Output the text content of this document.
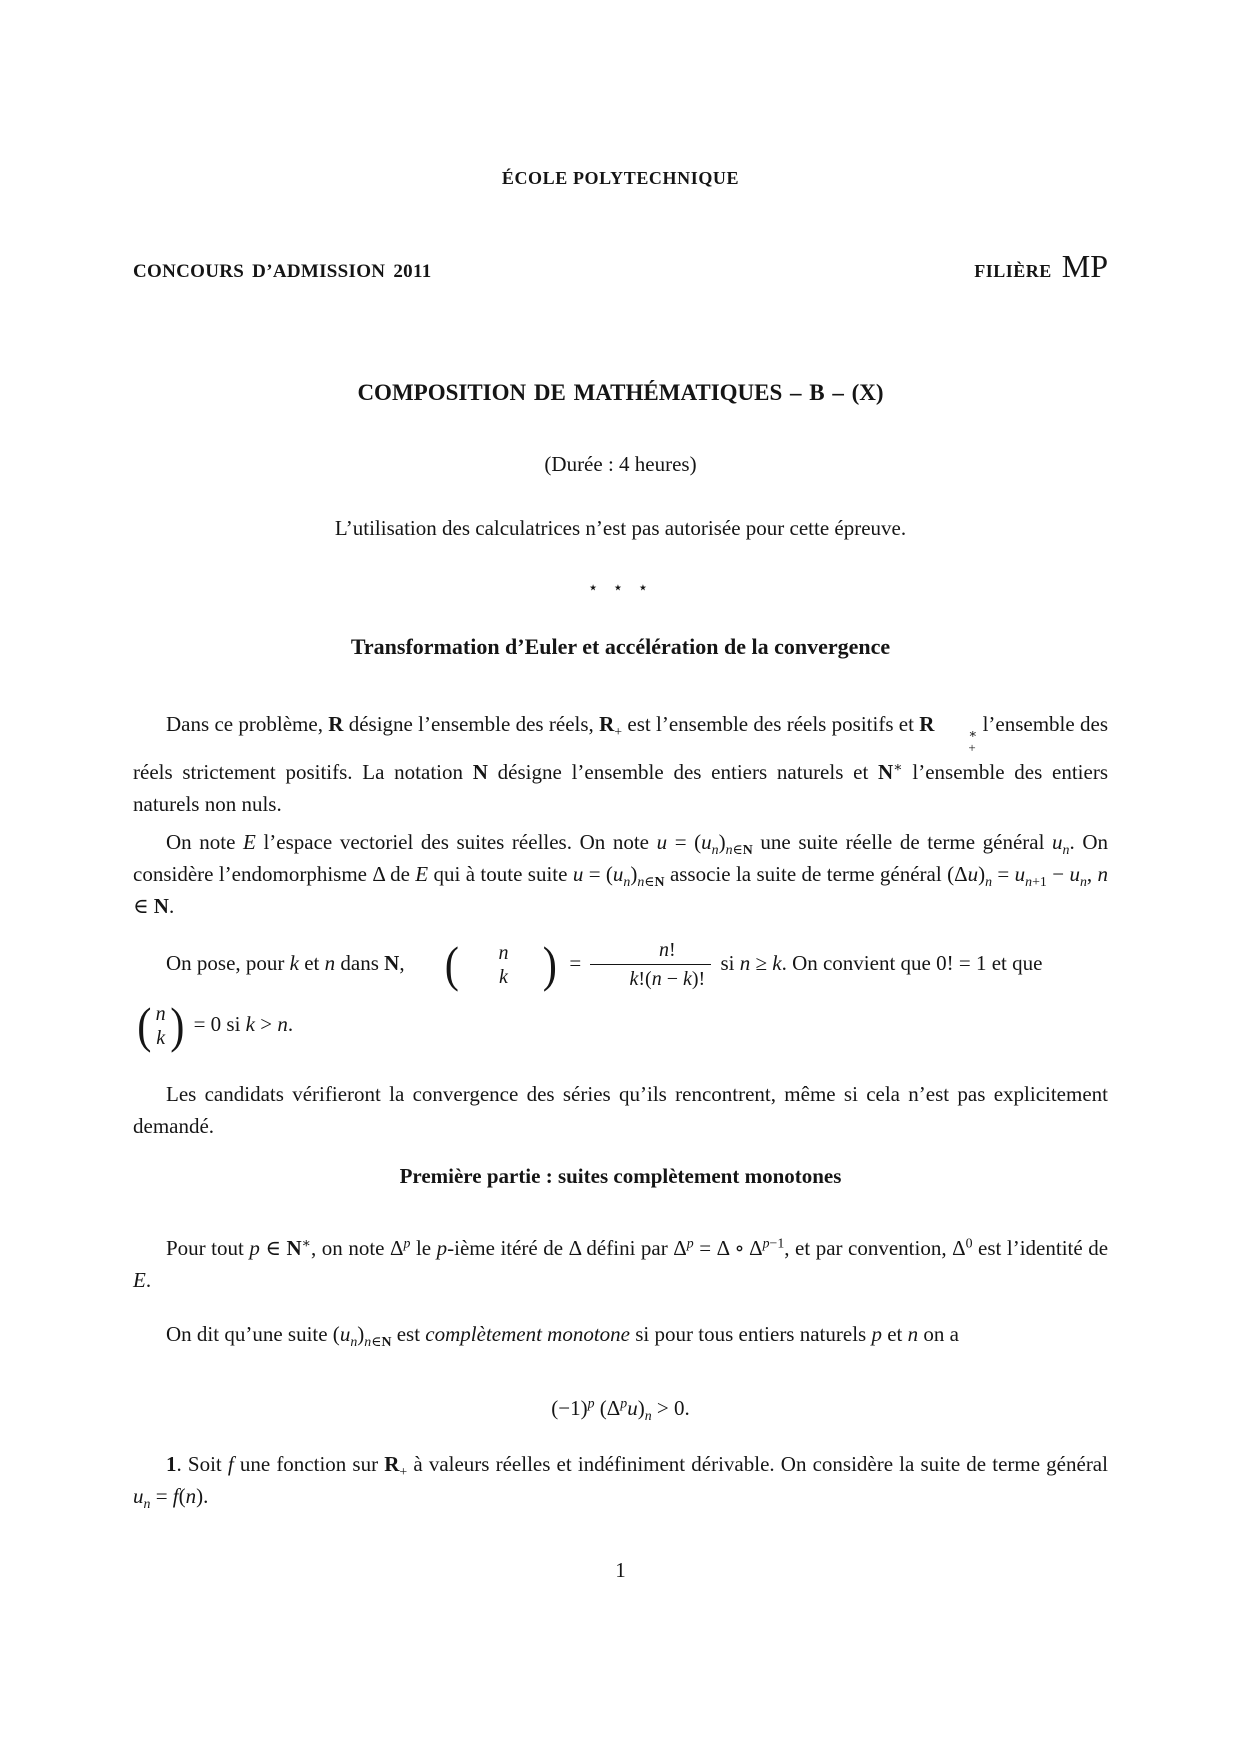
ÉCOLE POLYTECHNIQUE
CONCOURS D’ADMISSION 2011	FILIÈRE MP
COMPOSITION DE MATHÉMATIQUES – B – (X)
(Durée : 4 heures)
L’utilisation des calculatrices n’est pas autorisée pour cette épreuve.
⋆ ⋆ ⋆
Transformation d’Euler et accélération de la convergence
Dans ce problème, R désigne l’ensemble des réels, $R_+$ est l’ensemble des réels positifs et R	∗
+
l’ensemble des réels strictement positifs. La notation N désigne l’ensemble des entiers naturels et N∗ l’ensemble des entiers naturels non nuls.
On note E l’espace vectoriel des suites réelles. On note $u = (u_n)_{n\in N}$ une suite réelle de terme général $u_n$. On considère l’endomorphisme Δ de E qui à toute suite $u = (u_n)_{n\in N}$ associe la suite de terme général $(\Delta u)_n = u_{n+1} - u_n$, n ∈ N.
On pose, pour k et n dans N, (	n
k ) = $\frac{n!}{k!(n - k)!}$ si n ≥ k. On convient que 0! = 1 et que
( n
k ) = 0 si k > n.
Les candidats vérifieront la convergence des séries qu’ils rencontrent, même si cela n’est pas explicitement demandé.
Première partie : suites complètement monotones
Pour tout p ∈ N∗, on note $\Delta^p$ le p-ième itéré de Δ défini par $\Delta^p = \Delta$ ∘ $\Delta^{p-1}$, et par convention, $\Delta^0$ est l’identité de E.
On dit qu’une suite $(u_n)_{n\in N}$ est complètement monotone si pour tous entiers naturels p et n on a
$(-1)^p$ $(\Delta^pu)_n > 0$.
1. Soit f une fonction sur $R_+$ à valeurs réelles et indéfiniment dérivable. On considère la suite de terme général $u_n = f(n)$.
1
